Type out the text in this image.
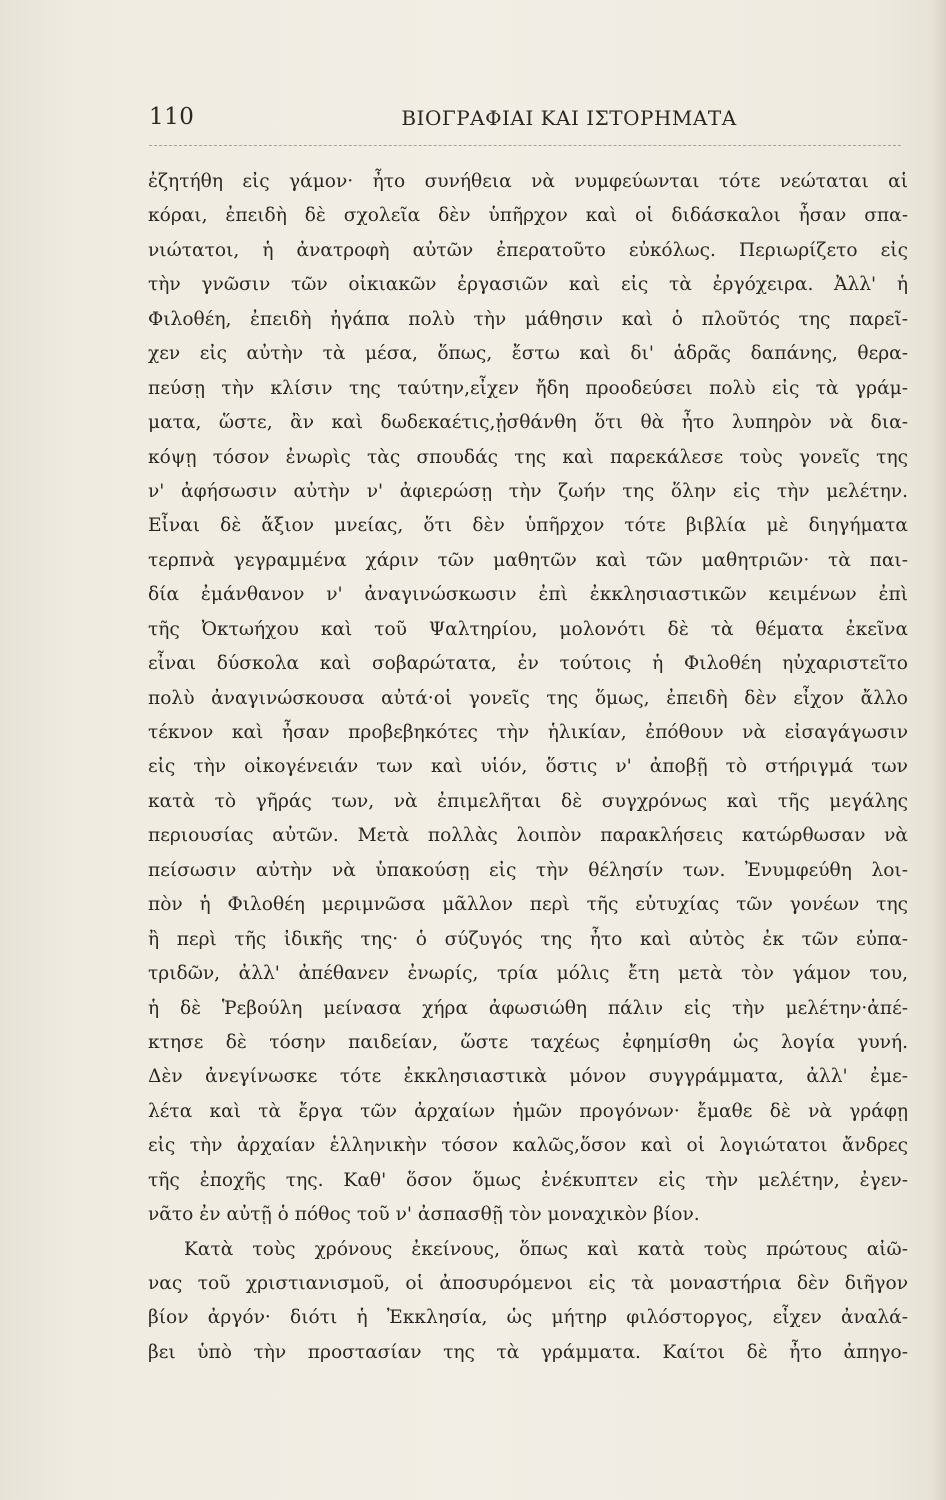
110	ΒΙΟΓΡΑΦΙΑΙ ΚΑΙ ΙΣΤΟΡΗΜΑΤΑ
ἐζητήθη εἰς γάμον· ἦτο συνήθεια νὰ νυμφεύωνται τότε νεώταται αἱ
κόραι, ἐπειδὴ δὲ σχολεῖα δὲν ὑπῆρχον καὶ οἱ διδάσκαλοι ἦσαν σπα-
νιώτατοι, ἡ ἀνατροφὴ αὐτῶν ἐπερατοῦτο εὐκόλως. Περιωρίζετο εἰς
τὴν γνῶσιν τῶν οἰκιακῶν ἐργασιῶν καὶ εἰς τὰ ἐργόχειρα. Ἀλλ' ἡ
Φιλοθέη, ἐπειδὴ ἠγάπα πολὺ τὴν μάθησιν καὶ ὁ πλοῦτός της παρεῖ-
χεν εἰς αὐτὴν τὰ μέσα, ὅπως, ἔστω καὶ δι' ἁδρᾶς δαπάνης, θερα-
πεύσῃ τὴν κλίσιν της ταύτην,εἶχεν ἤδη προοδεύσει πολὺ εἰς τὰ γράμ-
ματα, ὥστε, ἂν καὶ δωδεκαέτις,ᾐσθάνθη ὅτι θὰ ἦτο λυπηρὸν νὰ δια-
κόψῃ τόσον ἐνωρὶς τὰς σπουδάς της καὶ παρεκάλεσε τοὺς γονεῖς της
ν' ἀφήσωσιν αὐτὴν ν' ἀφιερώσῃ τὴν ζωήν της ὅλην εἰς τὴν μελέτην.
Εἶναι δὲ ἄξιον μνείας, ὅτι δὲν ὑπῆρχον τότε βιβλία μὲ διηγήματα
τερπνὰ γεγραμμένα χάριν τῶν μαθητῶν καὶ τῶν μαθητριῶν· τὰ παι-
δία ἐμάνθανον ν' ἀναγινώσκωσιν ἐπὶ ἐκκλησιαστικῶν κειμένων ἐπὶ
τῆς Ὀκτωήχου καὶ τοῦ Ψαλτηρίου, μολονότι δὲ τὰ θέματα ἐκεῖνα
εἶναι δύσκολα καὶ σοβαρώτατα, ἐν τούτοις ἡ Φιλοθέη ηὐχαριστεῖτο
πολὺ ἀναγινώσκουσα αὐτά·οἱ γονεῖς της ὅμως, ἐπειδὴ δὲν εἶχον ἄλλο
τέκνον καὶ ἦσαν προβεβηκότες τὴν ἡλικίαν, ἐπόθουν νὰ εἰσαγάγωσιν
εἰς τὴν οἰκογένειάν των καὶ υἱόν, ὅστις ν' ἀποβῇ τὸ στήριγμά των
κατὰ τὸ γῆράς των, νὰ ἐπιμελῆται δὲ συγχρόνως καὶ τῆς μεγάλης
περιουσίας αὐτῶν. Μετὰ πολλὰς λοιπὸν παρακλήσεις κατώρθωσαν νὰ
πείσωσιν αὐτὴν νὰ ὑπακούσῃ εἰς τὴν θέλησίν των. Ἐνυμφεύθη λοι-
πὸν ἡ Φιλοθέη μεριμνῶσα μᾶλλον περὶ τῆς εὐτυχίας τῶν γονέων της
ἢ περὶ τῆς ἰδικῆς της· ὁ σύζυγός της ἦτο καὶ αὐτὸς ἐκ τῶν εὐπα-
τριδῶν, ἀλλ' ἀπέθανεν ἐνωρίς, τρία μόλις ἔτη μετὰ τὸν γάμον του,
ἡ δὲ Ῥεβούλη μείνασα χήρα ἀφωσιώθη πάλιν εἰς τὴν μελέτην·ἀπέ-
κτησε δὲ τόσην παιδείαν, ὥστε ταχέως ἐφημίσθη ὡς λογία γυνή.
Δὲν ἀνεγίνωσκε τότε ἐκκλησιαστικὰ μόνον συγγράμματα, ἀλλ' ἐμε-
λέτα καὶ τὰ ἔργα τῶν ἀρχαίων ἡμῶν προγόνων· ἔμαθε δὲ νὰ γράφῃ
εἰς τὴν ἀρχαίαν ἑλληνικὴν τόσον καλῶς,ὅσον καὶ οἱ λογιώτατοι ἄνδρες
τῆς ἐποχῆς της. Καθ' ὅσον ὅμως ἐνέκυπτεν εἰς τὴν μελέτην, ἐγεν-
νᾶτο ἐν αὐτῇ ὁ πόθος τοῦ ν' ἀσπασθῇ τὸν μοναχικὸν βίον.
Κατὰ τοὺς χρόνους ἐκείνους, ὅπως καὶ κατὰ τοὺς πρώτους αἰῶ-
νας τοῦ χριστιανισμοῦ, οἱ ἀποσυρόμενοι εἰς τὰ μοναστήρια δὲν διῆγον
βίον ἀργόν· διότι ἡ Ἐκκλησία, ὡς μήτηρ φιλόστοργος, εἶχεν ἀναλά-
βει ὑπὸ τὴν προστασίαν της τὰ γράμματα. Καίτοι δὲ ἦτο ἀπηγο-
